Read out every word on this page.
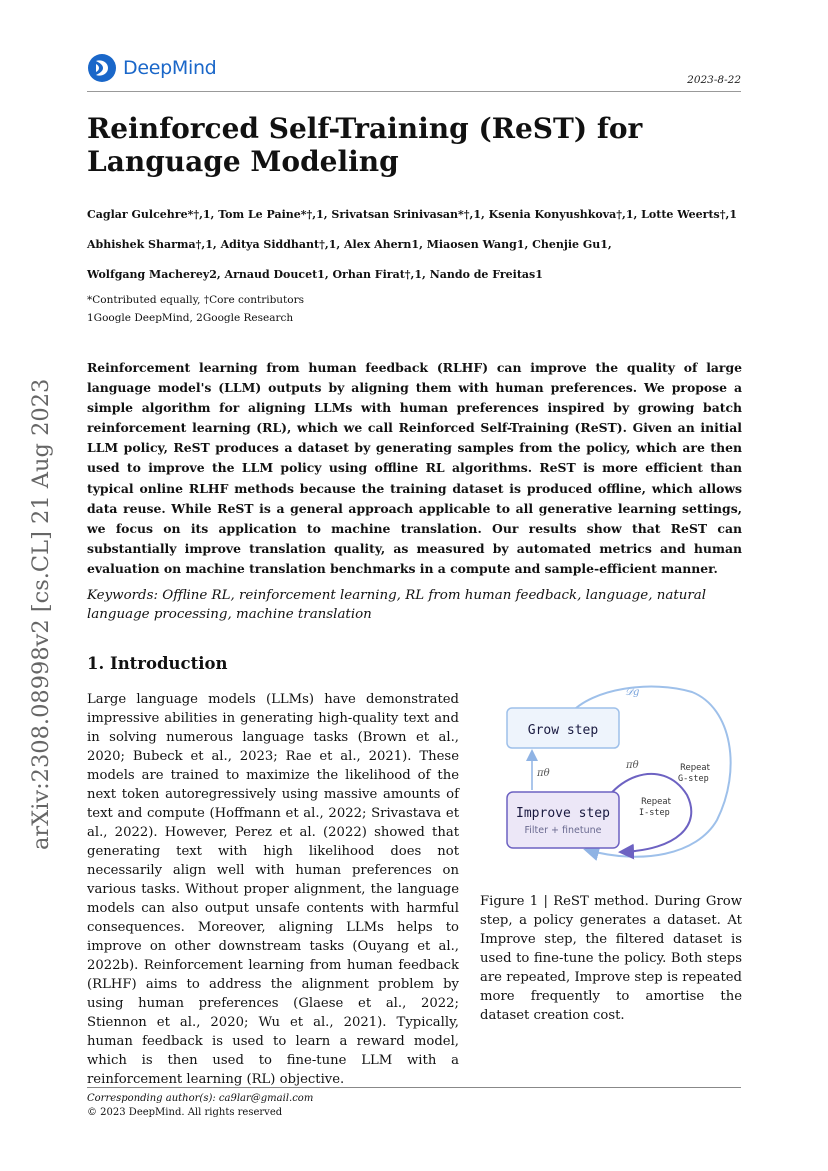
DeepMind
2023-8-22
arXiv:2308.08998v2 [cs.CL] 21 Aug 2023
Reinforced Self-Training (ReST) for Language Modeling
Caglar Gulcehre*†,1, Tom Le Paine*†,1, Srivatsan Srinivasan*†,1, Ksenia Konyushkova†,1, Lotte Weerts†,1
Abhishek Sharma†,1, Aditya Siddhant†,1, Alex Ahern1, Miaosen Wang1, Chenjie Gu1,
Wolfgang Macherey2, Arnaud Doucet1, Orhan Firat†,1, Nando de Freitas1
*Contributed equally, †Core contributors
1Google DeepMind, 2Google Research
Reinforcement learning from human feedback (RLHF) can improve the quality of large language model's (LLM) outputs by aligning them with human preferences. We propose a simple algorithm for aligning LLMs with human preferences inspired by growing batch reinforcement learning (RL), which we call Reinforced Self-Training (ReST). Given an initial LLM policy, ReST produces a dataset by generating samples from the policy, which are then used to improve the LLM policy using offline RL algorithms. ReST is more efficient than typical online RLHF methods because the training dataset is produced offline, which allows data reuse. While ReST is a general approach applicable to all generative learning settings, we focus on its application to machine translation. Our results show that ReST can substantially improve translation quality, as measured by automated metrics and human evaluation on machine translation benchmarks in a compute and sample-efficient manner.
Keywords: Offline RL, reinforcement learning, RL from human feedback, language, natural language processing, machine translation
1. Introduction
Large language models (LLMs) have demonstrated impressive abilities in generating high-quality text and in solving numerous language tasks (Brown et al., 2020; Bubeck et al., 2023; Rae et al., 2021). These models are trained to maximize the likelihood of the next token autoregressively using massive amounts of text and compute (Hoffmann et al., 2022; Srivastava et al., 2022). However, Perez et al. (2022) showed that generating text with high likelihood does not necessarily align well with human preferences on various tasks. Without proper alignment, the language models can also output unsafe contents with harmful consequences. Moreover, aligning LLMs helps to improve on other downstream tasks (Ouyang et al., 2022b). Reinforcement learning from human feedback (RLHF) aims to address the alignment problem by using human preferences (Glaese et al., 2022; Stiennon et al., 2020; Wu et al., 2021). Typically, human feedback is used to learn a reward model, which is then used to fine-tune LLM with a reinforcement learning (RL) objective.
𝒟g
Grow step
Improve step
Filter + finetune
πθ
πθ	Repeat
G-step
Repeat
I-step
Figure 1 | ReST method. During Grow step, a policy generates a dataset. At Improve step, the filtered dataset is used to fine-tune the policy. Both steps are repeated, Improve step is repeated more frequently to amortise the dataset creation cost.
Corresponding author(s): ca9lar@gmail.com
© 2023 DeepMind. All rights reserved
